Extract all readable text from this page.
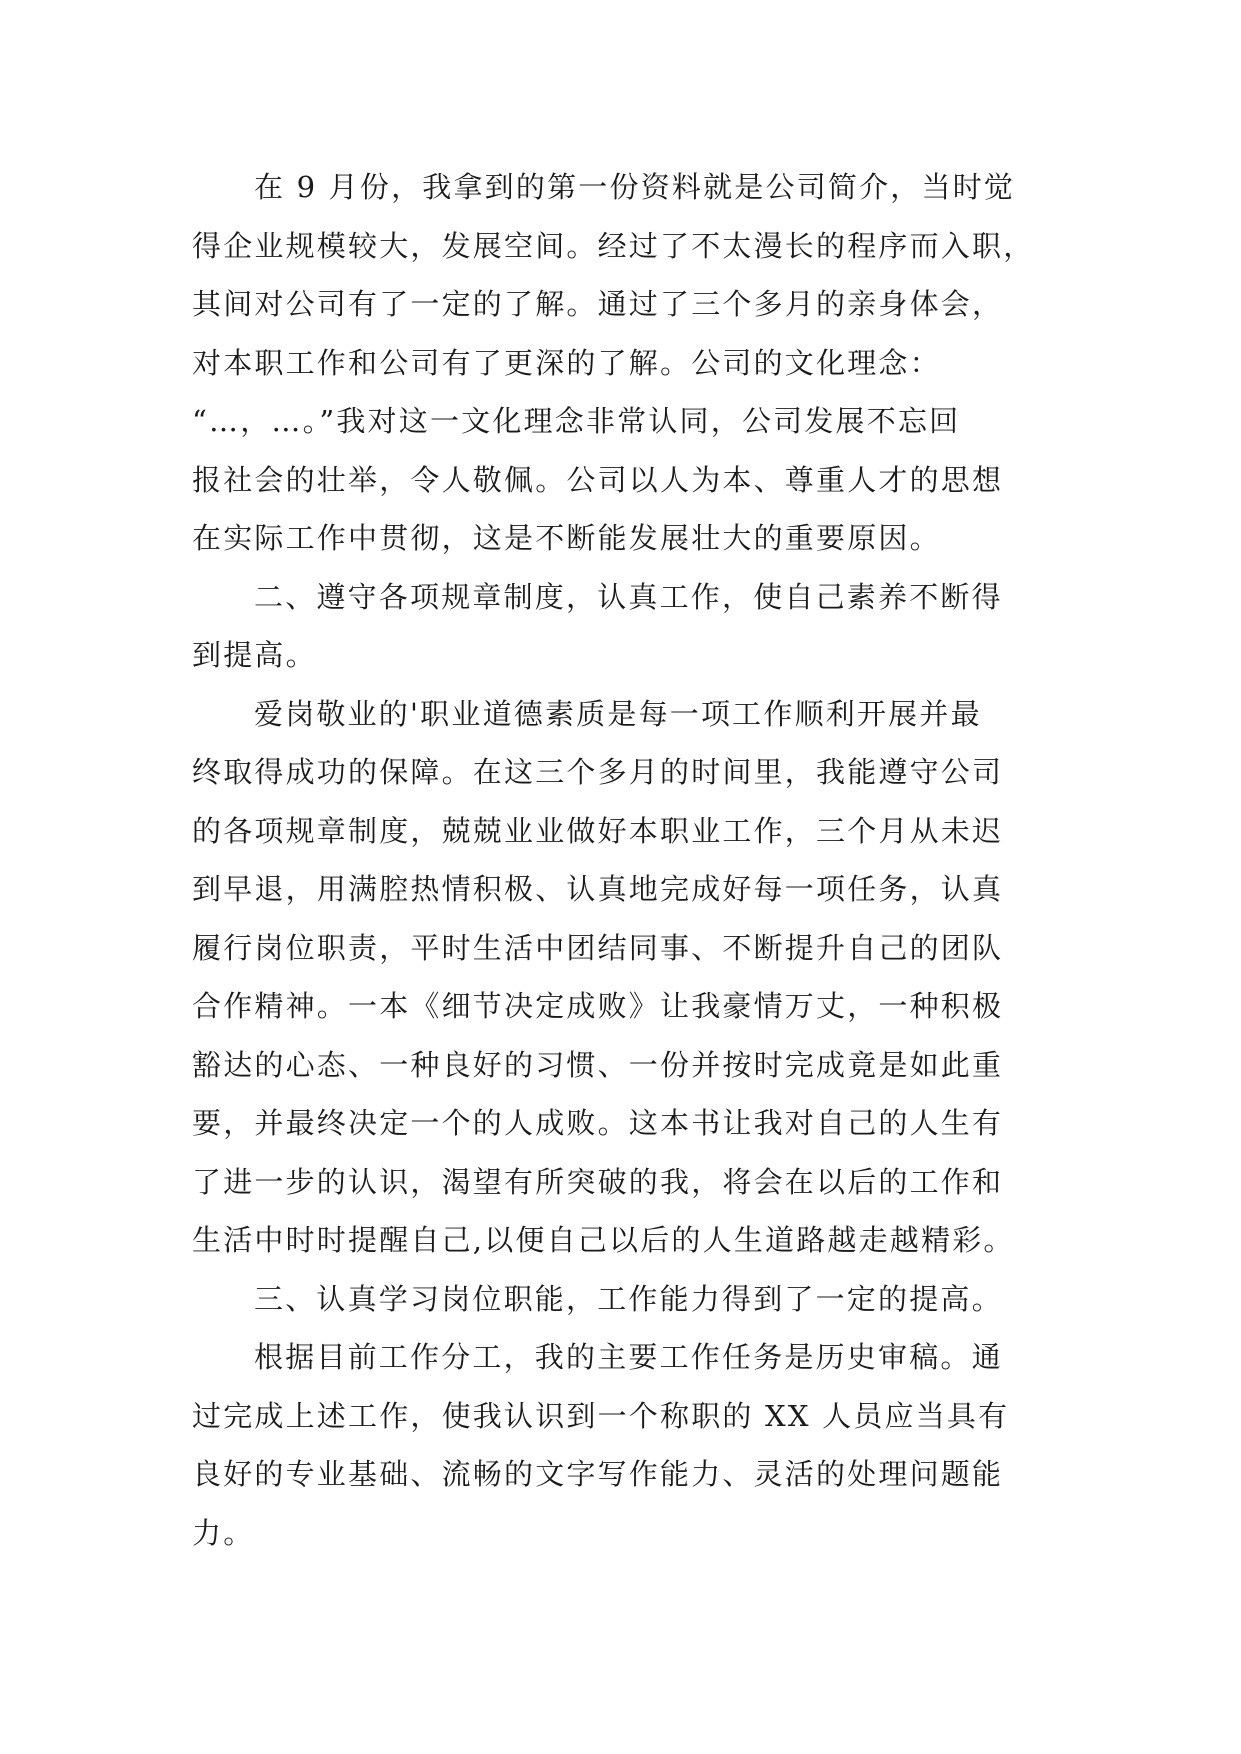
在 9 月份，我拿到的第一份资料就是公司简介，当时觉
得企业规模较大，发展空间。经过了不太漫长的程序而入职，
其间对公司有了一定的了解。通过了三个多月的亲身体会，
对本职工作和公司有了更深的了解。公司的文化理念：
“…，…。”我对这一文化理念非常认同，公司发展不忘回
报社会的壮举，令人敬佩。公司以人为本、尊重人才的思想
在实际工作中贯彻，这是不断能发展壮大的重要原因。
二、遵守各项规章制度，认真工作，使自己素养不断得
到提高。
爱岗敬业的'职业道德素质是每一项工作顺利开展并最
终取得成功的保障。在这三个多月的时间里，我能遵守公司
的各项规章制度，兢兢业业做好本职业工作，三个月从未迟
到早退，用满腔热情积极、认真地完成好每一项任务，认真
履行岗位职责，平时生活中团结同事、不断提升自己的团队
合作精神。一本《细节决定成败》让我豪情万丈，一种积极
豁达的心态、一种良好的习惯、一份并按时完成竟是如此重
要，并最终决定一个的人成败。这本书让我对自己的人生有
了进一步的认识，渴望有所突破的我，将会在以后的工作和
生活中时时提醒自己,以便自己以后的人生道路越走越精彩。
三、认真学习岗位职能，工作能力得到了一定的提高。
根据目前工作分工，我的主要工作任务是历史审稿。通
过完成上述工作，使我认识到一个称职的 XX 人员应当具有
良好的专业基础、流畅的文字写作能力、灵活的处理问题能
力。
